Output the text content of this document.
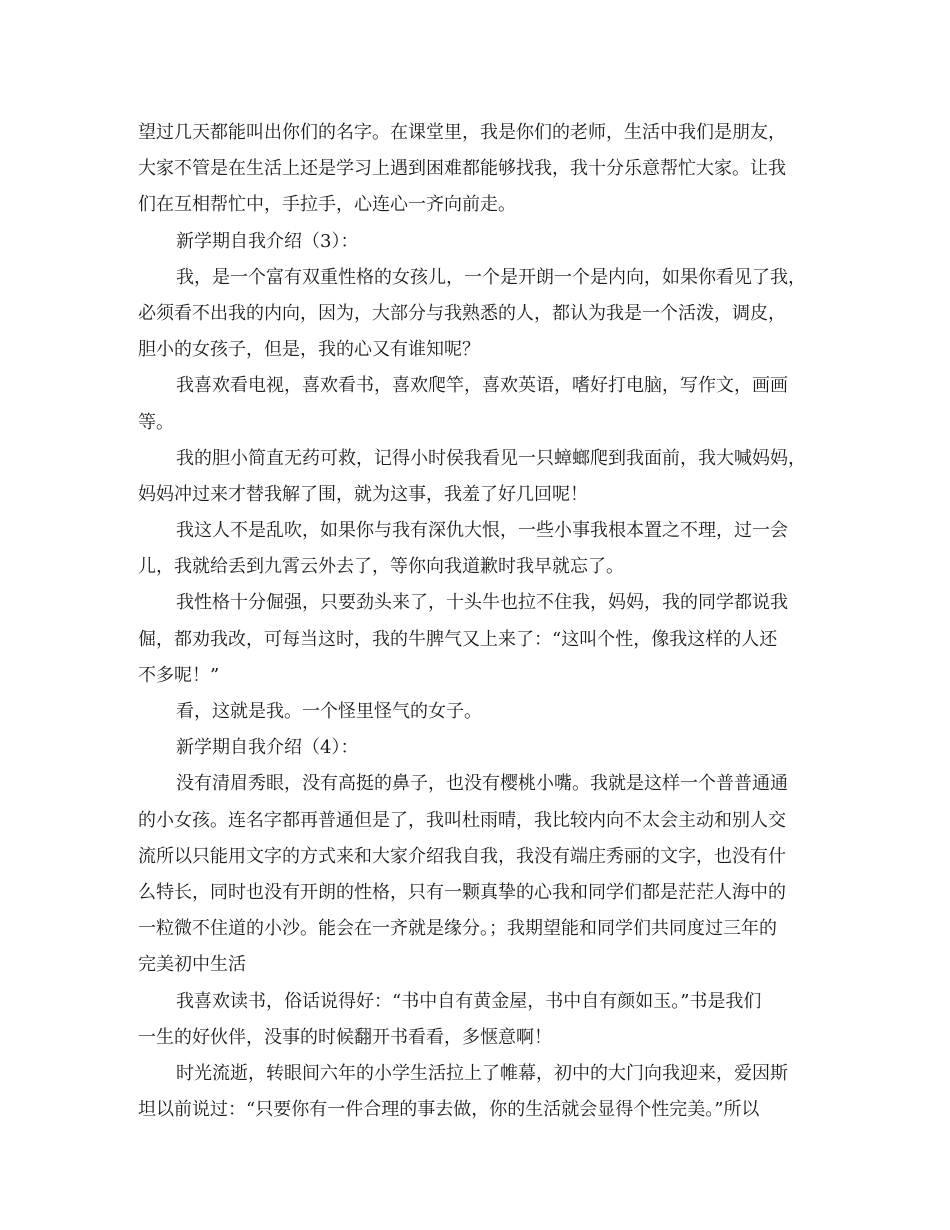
望过几天都能叫出你们的名字。在课堂里，我是你们的老师，生活中我们是朋友，
大家不管是在生活上还是学习上遇到困难都能够找我，我十分乐意帮忙大家。让我
们在互相帮忙中，手拉手，心连心一齐向前走。
新学期自我介绍（3）：
我，是一个富有双重性格的女孩儿，一个是开朗一个是内向，如果你看见了我，
必须看不出我的内向，因为，大部分与我熟悉的人，都认为我是一个活泼，调皮，
胆小的女孩子，但是，我的心又有谁知呢？
我喜欢看电视，喜欢看书，喜欢爬竿，喜欢英语，嗜好打电脑，写作文，画画
等。
我的胆小简直无药可救，记得小时侯我看见一只蟑螂爬到我面前，我大喊妈妈，
妈妈冲过来才替我解了围，就为这事，我羞了好几回呢！
我这人不是乱吹，如果你与我有深仇大恨，一些小事我根本置之不理，过一会
儿，我就给丢到九霄云外去了，等你向我道歉时我早就忘了。
我性格十分倔强，只要劲头来了，十头牛也拉不住我，妈妈，我的同学都说我
倔，都劝我改，可每当这时，我的牛脾气又上来了：“这叫个性，像我这样的人还
不多呢！”
看，这就是我。一个怪里怪气的女子。
新学期自我介绍（4）：
没有清眉秀眼，没有高挺的鼻子，也没有樱桃小嘴。我就是这样一个普普通通
的小女孩。连名字都再普通但是了，我叫杜雨晴，我比较内向不太会主动和别人交
流所以只能用文字的方式来和大家介绍我自我，我没有端庄秀丽的文字，也没有什
么特长，同时也没有开朗的性格，只有一颗真挚的心我和同学们都是茫茫人海中的
一粒微不住道的小沙。能会在一齐就是缘分。；我期望能和同学们共同度过三年的
完美初中生活
我喜欢读书，俗话说得好：“书中自有黄金屋，书中自有颜如玉。”书是我们
一生的好伙伴，没事的时候翻开书看看，多惬意啊！
时光流逝，转眼间六年的小学生活拉上了帷幕，初中的大门向我迎来，爱因斯
坦以前说过：“只要你有一件合理的事去做，你的生活就会显得个性完美。”所以
